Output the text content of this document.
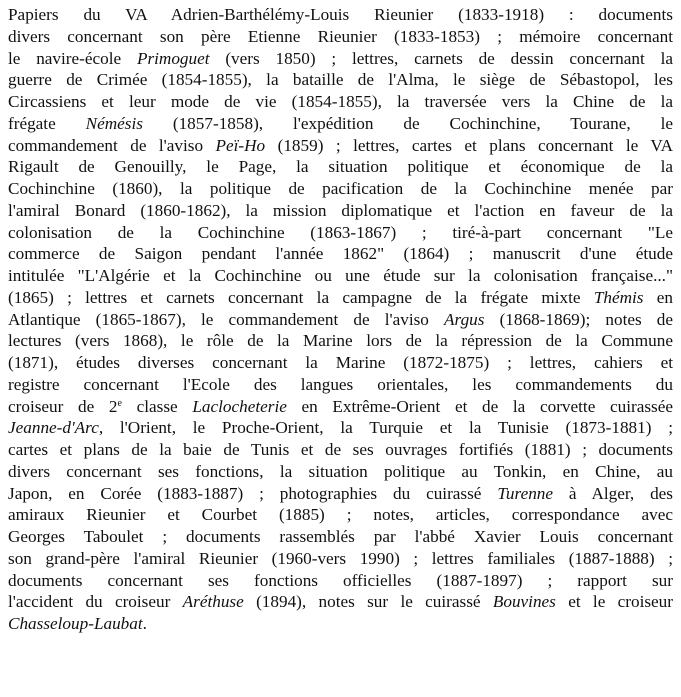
Papiers du VA Adrien-Barthélémy-Louis Rieunier (1833-1918) : documents
divers concernant son père Etienne Rieunier (1833-1853) ; mémoire concernant
le navire-école Primoguet (vers 1850) ; lettres, carnets de dessin concernant la
guerre de Crimée (1854-1855), la bataille de l'Alma, le siège de Sébastopol, les
Circassiens et leur mode de vie (1854-1855), la traversée vers la Chine de la
frégate Némésis (1857-1858), l'expédition de Cochinchine, Tourane, le
commandement de l'aviso Peï-Ho (1859) ; lettres, cartes et plans concernant le VA
Rigault de Genouilly, le Page, la situation politique et économique de la
Cochinchine (1860), la politique de pacification de la Cochinchine menée par
l'amiral Bonard (1860-1862), la mission diplomatique et l'action en faveur de la
colonisation de la Cochinchine (1863-1867) ; tiré-à-part concernant "Le
commerce de Saigon pendant l'année 1862" (1864) ; manuscrit d'une étude
intitulée "L'Algérie et la Cochinchine ou une étude sur la colonisation française..."
(1865) ; lettres et carnets concernant la campagne de la frégate mixte Thémis en
Atlantique (1865-1867), le commandement de l'aviso Argus (1868-1869); notes de
lectures (vers 1868), le rôle de la Marine lors de la répression de la Commune
(1871), études diverses concernant la Marine (1872-1875) ; lettres, cahiers et
registre concernant l'Ecole des langues orientales, les commandements du
croiseur de 2e classe Laclocheterie en Extrême-Orient et de la corvette cuirassée
Jeanne-d'Arc, l'Orient, le Proche-Orient, la Turquie et la Tunisie (1873-1881) ;
cartes et plans de la baie de Tunis et de ses ouvrages fortifiés (1881) ; documents
divers concernant ses fonctions, la situation politique au Tonkin, en Chine, au
Japon, en Corée (1883-1887) ; photographies du cuirassé Turenne à Alger, des
amiraux Rieunier et Courbet (1885) ; notes, articles, correspondance avec
Georges Taboulet ; documents rassemblés par l'abbé Xavier Louis concernant
son grand-père l'amiral Rieunier (1960-vers 1990) ; lettres familiales (1887-1888) ;
documents concernant ses fonctions officielles (1887-1897) ; rapport sur
l'accident du croiseur Aréthuse (1894), notes sur le cuirassé Bouvines et le croiseur
Chasseloup-Laubat.
